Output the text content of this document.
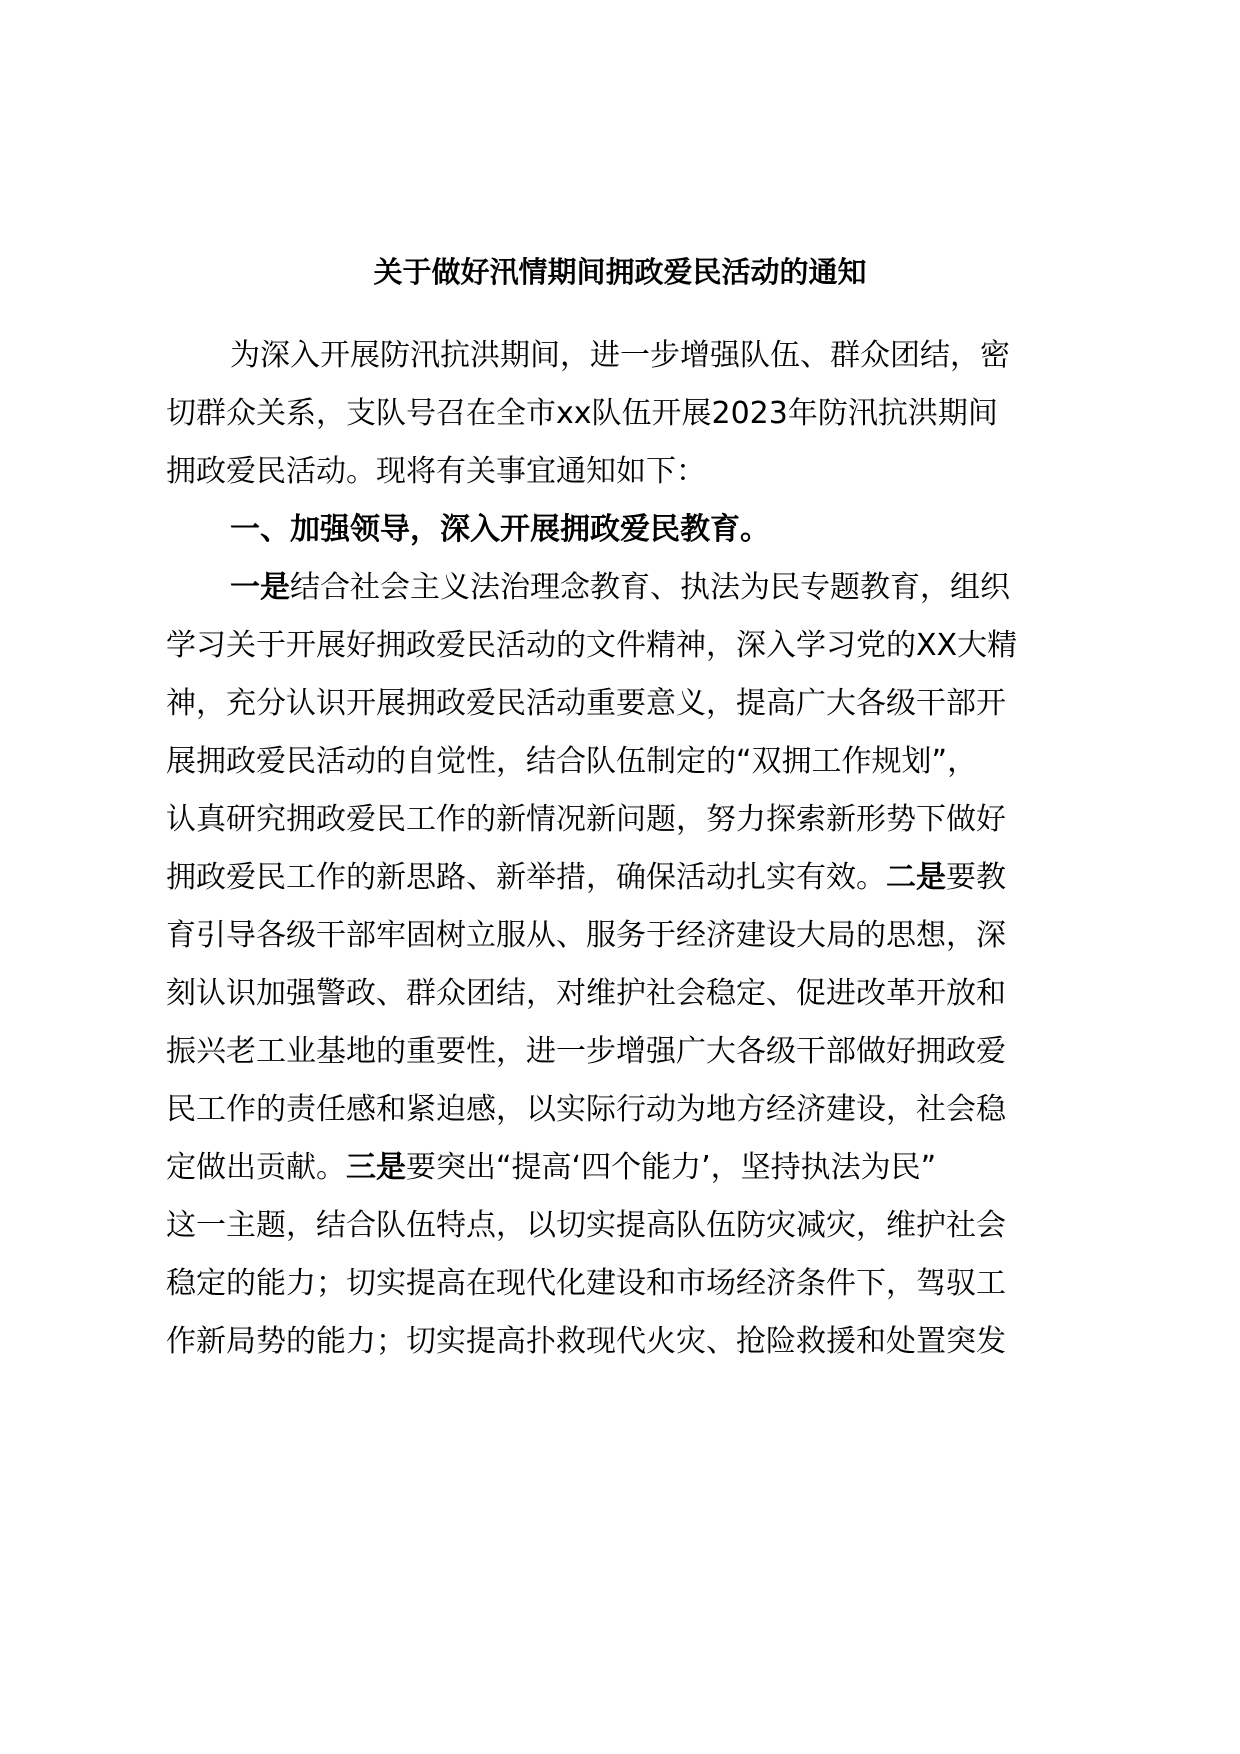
关于做好汛情期间拥政爱民活动的通知
为深入开展防汛抗洪期间，进一步增强队伍、群众团结，密
切群众关系，支队号召在全市xx队伍开展2023年防汛抗洪期间
拥政爱民活动。现将有关事宜通知如下：
一、加强领导，深入开展拥政爱民教育。
一是结合社会主义法治理念教育、执法为民专题教育，组织
学习关于开展好拥政爱民活动的文件精神，深入学习党的XX大精
神，充分认识开展拥政爱民活动重要意义，提高广大各级干部开
展拥政爱民活动的自觉性，结合队伍制定的“双拥工作规划”，
认真研究拥政爱民工作的新情况新问题，努力探索新形势下做好
拥政爱民工作的新思路、新举措，确保活动扎实有效。二是要教
育引导各级干部牢固树立服从、服务于经济建设大局的思想，深
刻认识加强警政、群众团结，对维护社会稳定、促进改革开放和
振兴老工业基地的重要性，进一步增强广大各级干部做好拥政爱
民工作的责任感和紧迫感，以实际行动为地方经济建设，社会稳
定做出贡献。三是要突出“提高‘四个能力’，坚持执法为民”
这一主题，结合队伍特点，以切实提高队伍防灾减灾，维护社会
稳定的能力；切实提高在现代化建设和市场经济条件下，驾驭工
作新局势的能力；切实提高扑救现代火灾、抢险救援和处置突发
